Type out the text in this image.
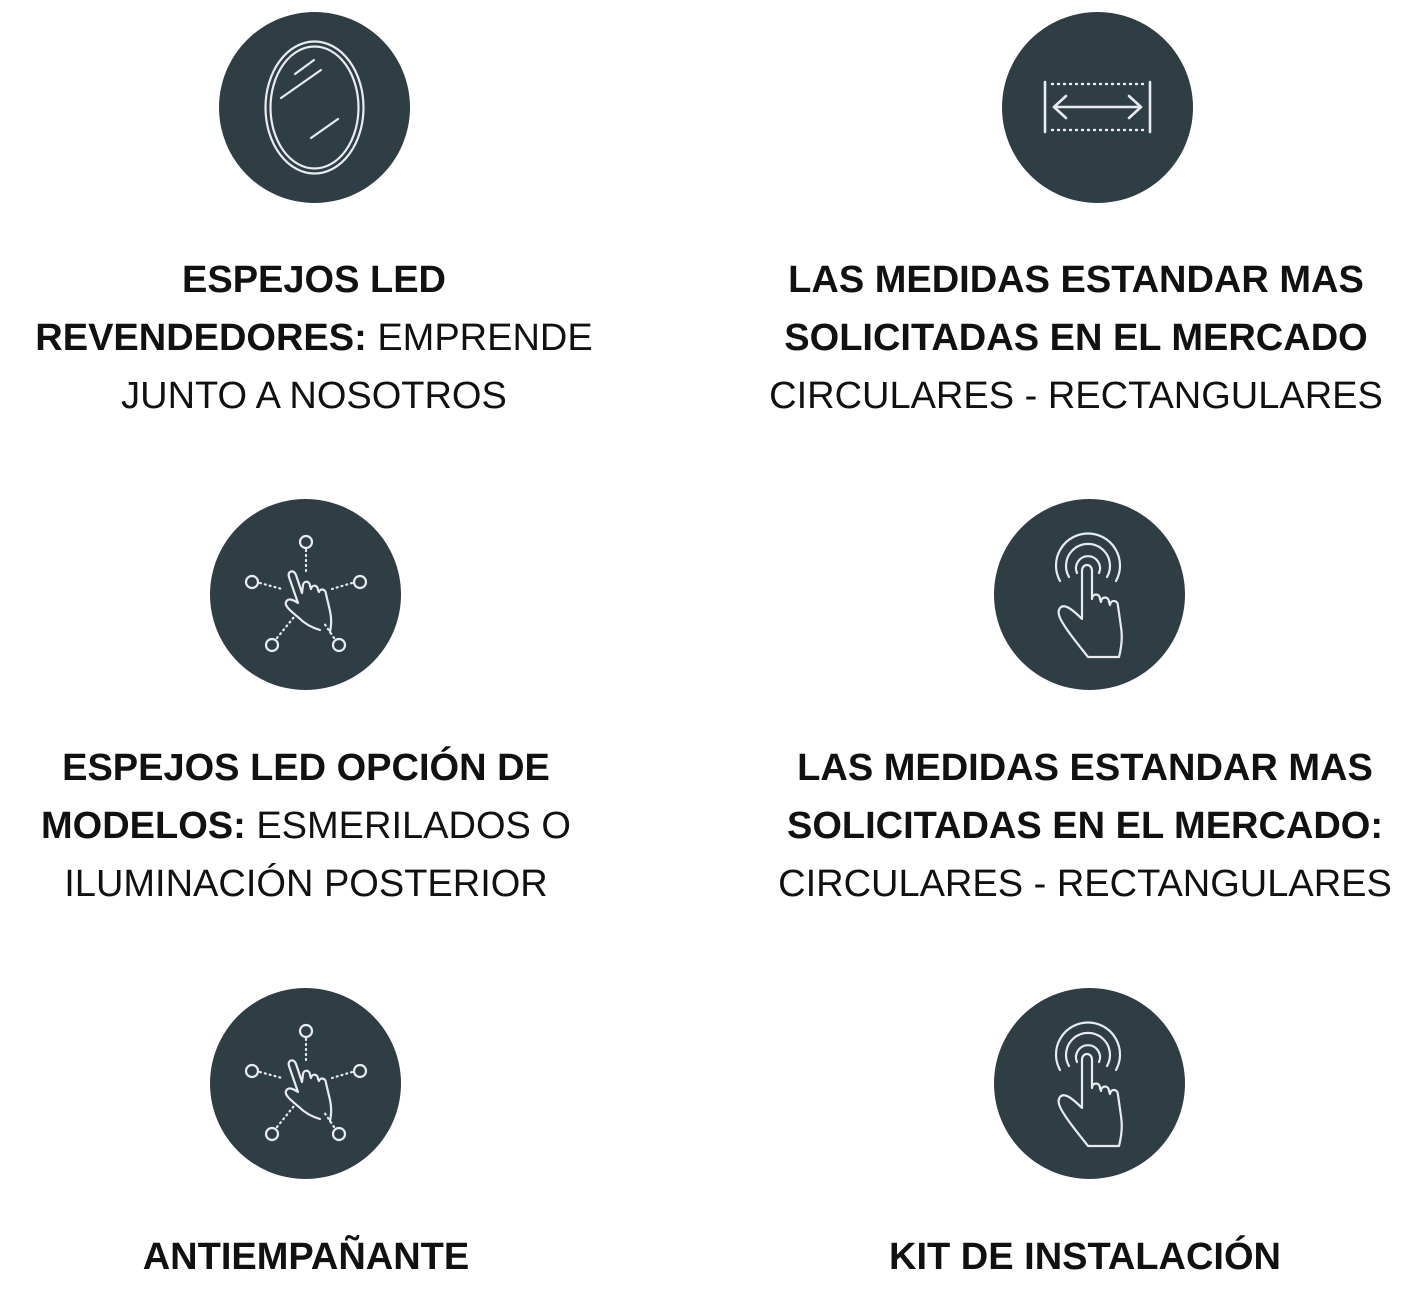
ESPEJOS LED
REVENDEDORES: EMPRENDE
JUNTO A NOSOTROS
LAS MEDIDAS ESTANDAR MAS
SOLICITADAS EN EL MERCADO
CIRCULARES - RECTANGULARES
ESPEJOS LED OPCIÓN DE
MODELOS: ESMERILADOS O
ILUMINACIÓN POSTERIOR
LAS MEDIDAS ESTANDAR MAS
SOLICITADAS EN EL MERCADO:
CIRCULARES - RECTANGULARES
ANTIEMPAÑANTE	KIT DE INSTALACIÓN
